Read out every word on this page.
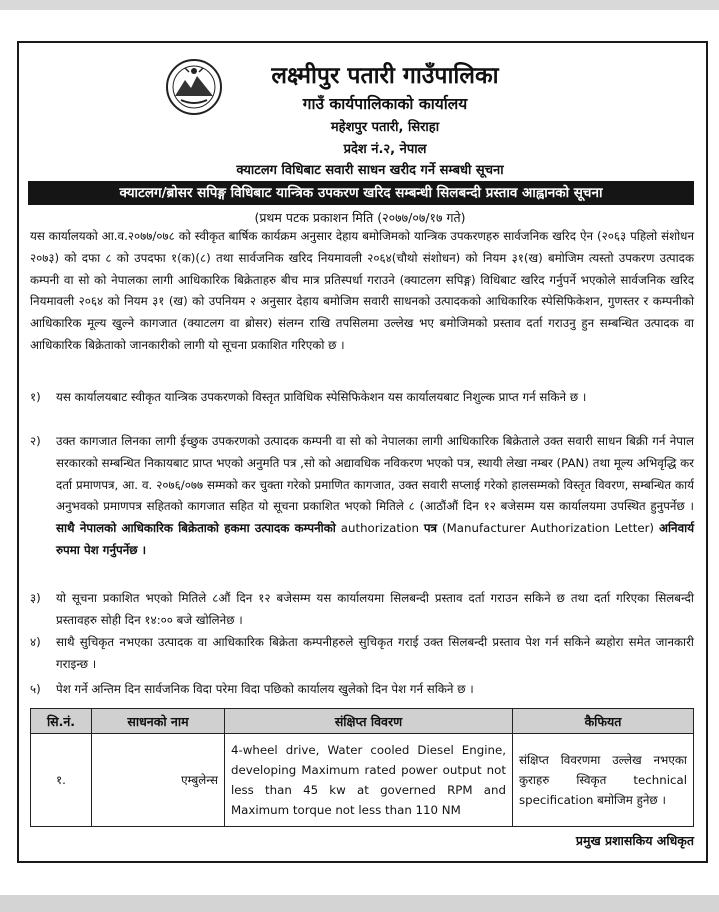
लक्ष्मीपुर पतारी गाउँपालिका
गाउँ कार्यपालिकाको कार्यालय
महेशपुर पतारी, सिराहा
प्रदेश नं.२, नेपाल
क्याटलग विधिबाट सवारी साधन खरीद गर्ने सम्बधी सूचना
क्याटलग/ब्रोसर सपिङ्ग विधिबाट यान्त्रिक उपकरण खरिद सम्बन्धी सिलबन्दी प्रस्ताव आह्वानको सूचना
(प्रथम पटक प्रकाशन मिति (२०७७/०७/१७ गते)

यस कार्यालयको आ.व.२०७७/०७८ को स्वीकृत बार्षिक कार्यक्रम अनुसार देहाय बमोजिमको यान्त्रिक उपकरणहरु सार्वजनिक खरिद ऐन (२०६३ पहिलो संशोधन २०७३) को दफा ८ को उपदफा १(क)(८) तथा सार्वजनिक खरिद नियमावली २०६४(चौथो संशोधन) को नियम ३१(ख) बमोजिम त्यस्तो उपकरण उत्पादक कम्पनी वा सो को नेपालका लागी आधिकारिक बिक्रेताहरु बीच मात्र प्रतिस्पर्धा गराउने (क्याटलग सपिङ्ग) विधिबाट खरिद गर्नुपर्ने भएकोले सार्वजनिक खरिद नियमावली २०६४ को नियम ३१ (ख) को उपनियम २ अनुसार देहाय बमोजिम सवारी साधनको उत्पादकको आधिकारिक स्पेसिफिकेशन, गुणस्तर र कम्पनीको आधिकारिक मूल्य खुल्ने कागजात (क्याटलग वा ब्रोसर) संलग्न राखि तपसिलमा उल्लेख भए बमोजिमको प्रस्ताव दर्ता गराउनु हुन सम्बन्धित उत्पादक वा आधिकारिक बिक्रेताको जानकारीको लागी यो सूचना प्रकाशित गरिएको छ ।

१) यस कार्यालयबाट स्वीकृत यान्त्रिक उपकरणको विस्तृत प्राविधिक स्पेसिफिकेशन यस कार्यालयबाट निशुल्क प्राप्त गर्न सकिने छ ।
२) उक्त कागजात लिनका लागी ईच्छुक उपकरणको उत्पादक कम्पनी वा सो को नेपालका लागी आधिकारिक बिक्रेताले उक्त सवारी साधन बिक्री गर्न नेपाल सरकारको सम्बन्धित निकायबाट प्राप्त भएको अनुमति पत्र ,सो को अद्यावधिक नविकरण भएको पत्र, स्थायी लेखा नम्बर (PAN) तथा मूल्य अभिवृद्धि कर दर्ता प्रमाणपत्र, आ. व. २०७६/०७७ सम्मको कर चुक्ता गरेको प्रमाणित कागजात, उक्त सवारी सप्लाई गरेको हालसम्मको विस्तृत विवरण, सम्बन्धित कार्य अनुभवको प्रमाणपत्र सहितको कागजात सहित यो सूचना प्रकाशित भएको मितिले ८ (आठौंऔं दिन १२ बजेसम्म यस कार्यालयमा उपस्थित हुनुपर्नेछ । साथै नेपालको आधिकारिक बिक्रेताको हकमा उत्पादक कम्पनीको authorization पत्र (Manufacturer Authorization Letter) अनिवार्य रुपमा पेश गर्नुपर्नेछ ।
३) यो सूचना प्रकाशित भएको मितिले ८औं दिन १२ बजेसम्म यस कार्यालयमा सिलबन्दी प्रस्ताव दर्ता गराउन सकिने छ तथा दर्ता गरिएका सिलबन्दी प्रस्तावहरु सोही दिन १४:०० बजे खोलिनेछ ।
४) साथै सुचिकृत नभएका उत्पादक वा आधिकारिक बिक्रेता कम्पनीहरुले सुचिकृत गराई उक्त सिलबन्दी प्रस्ताव पेश गर्न सकिने ब्यहोरा समेत जानकारी गराइन्छ ।
५) पेश गर्ने अन्तिम दिन सार्वजनिक विदा परेमा विदा पछिको कार्यालय खुलेको दिन पेश गर्न सकिने छ ।
सि.नं.	साधनको नाम	संक्षिप्त विवरण	कैफियत
१.	एम्बुलेन्स	4-wheel drive, Water cooled Diesel Engine, developing Maximum rated power output not less than 45 kw at governed RPM and Maximum torque not less than 110 NM	संक्षिप्त विवरणमा उल्लेख नभएका कुराहरु स्विकृत technical specification बमोजिम हुनेछ ।
प्रमुख प्रशासकिय अधिकृत
